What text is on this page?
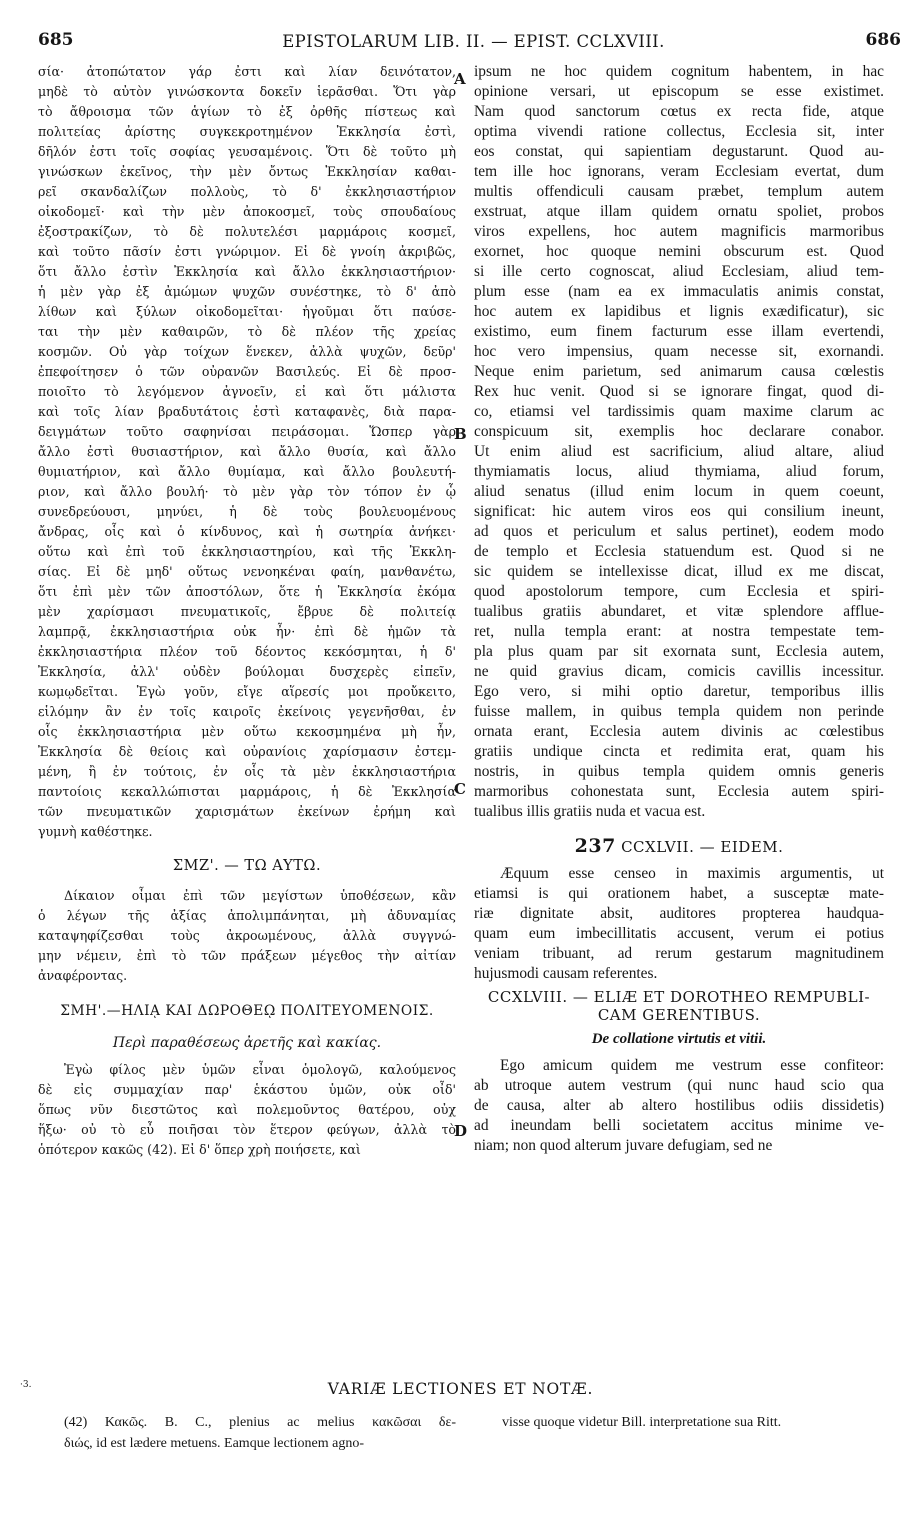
685	EPISTOLARUM LIB. II. — EPIST. CCLXVIII.	686
A
B
C
D
σία· ἀτοπώτατον γάρ ἐστι καὶ λίαν δεινότατον,
μηδὲ τὸ αὐτὸν γινώσκοντα δοκεῖν ἱερᾶσθαι. Ὅτι γὰρ
τὸ ἄθροισμα τῶν ἁγίων τὸ ἐξ ὀρθῆς πίστεως καὶ
πολιτείας ἀρίστης συγκεκροτημένον Ἐκκλησία ἐστὶ,
δῆλόν ἐστι τοῖς σοφίας γευσαμένοις. Ὅτι δὲ τοῦτο μὴ
γινώσκων ἐκεῖνος, τὴν μὲν ὄντως Ἐκκλησίαν καθαι-
ρεῖ σκανδαλίζων πολλοὺς, τὸ δ' ἐκκλησιαστήριον
οἰκοδομεῖ· καὶ τὴν μὲν ἀποκοσμεῖ, τοὺς σπουδαίους
ἐξοστρακίζων, τὸ δὲ πολυτελέσι μαρμάροις κοσμεῖ,
καὶ τοῦτο πᾶσίν ἐστι γνώριμον. Εἰ δὲ γνοίη ἀκριβῶς,
ὅτι ἄλλο ἐστὶν Ἐκκλησία καὶ ἄλλο ἐκκλησιαστήριον·
ἡ μὲν γὰρ ἐξ ἀμώμων ψυχῶν συνέστηκε, τὸ δ' ἀπὸ
λίθων καὶ ξύλων οἰκοδομεῖται· ἡγοῦμαι ὅτι παύσε-
ται τὴν μὲν καθαιρῶν, τὸ δὲ πλέον τῆς χρείας
κοσμῶν. Οὐ γὰρ τοίχων ἕνεκεν, ἀλλὰ ψυχῶν, δεῦρ'
ἐπεφοίτησεν ὁ τῶν οὐρανῶν Βασιλεύς. Εἰ δὲ προσ-
ποιοῖτο τὸ λεγόμενον ἀγνοεῖν, εἰ καὶ ὅτι μάλιστα
καὶ τοῖς λίαν βραδυτάτοις ἐστὶ καταφανὲς, διὰ παρα-
δειγμάτων τοῦτο σαφηνίσαι πειράσομαι. Ὥσπερ γὰρ
ἄλλο ἐστὶ θυσιαστήριον, καὶ ἄλλο θυσία, καὶ ἄλλο
θυμιατήριον, καὶ ἄλλο θυμίαμα, καὶ ἄλλο βουλευτή-
ριον, καὶ ἄλλο βουλή· τὸ μὲν γὰρ τὸν τόπον ἐν ᾧ
συνεδρεύουσι, μηνύει, ἡ δὲ τοὺς βουλευομένους
ἄνδρας, οἷς καὶ ὁ κίνδυνος, καὶ ἡ σωτηρία ἀνήκει·
οὕτω καὶ ἐπὶ τοῦ ἐκκλησιαστηρίου, καὶ τῆς Ἐκκλη-
σίας. Εἰ δὲ μηδ' οὕτως νενοηκέναι φαίη, μανθανέτω,
ὅτι ἐπὶ μὲν τῶν ἀποστόλων, ὅτε ἡ Ἐκκλησία ἐκόμα
μὲν χαρίσμασι πνευματικοῖς, ἔβρυε δὲ πολιτείᾳ
λαμπρᾷ, ἐκκλησιαστήρια οὐκ ἦν· ἐπὶ δὲ ἡμῶν τὰ
ἐκκλησιαστήρια πλέον τοῦ δέοντος κεκόσμηται, ἡ δ'
Ἐκκλησία, ἀλλ' οὐδὲν βούλομαι δυσχερὲς εἰπεῖν,
κωμῳδεῖται. Ἐγὼ γοῦν, εἴγε αἵρεσίς μοι προὔκειτο,
εἱλόμην ἂν ἐν τοῖς καιροῖς ἐκείνοις γεγενῆσθαι, ἐν
οἷς ἐκκλησιαστήρια μὲν οὕτω κεκοσμημένα μὴ ἦν,
Ἐκκλησία δὲ θείοις καὶ οὐρανίοις χαρίσμασιν ἐστεμ-
μένη, ἢ ἐν τούτοις, ἐν οἷς τὰ μὲν ἐκκλησιαστήρια
παντοίοις κεκαλλώπισται μαρμάροις, ἡ δὲ Ἐκκλησία
τῶν πνευματικῶν χαρισμάτων ἐκείνων ἐρήμη καὶ
γυμνὴ καθέστηκε.
ΣΜΖ'. — ΤΩ ΑΥΤΩ.
Δίκαιον οἶμαι ἐπὶ τῶν μεγίστων ὑποθέσεων, κἂν
ὁ λέγων τῆς ἀξίας ἀπολιμπάνηται, μὴ ἀδυναμίας
καταψηφίζεσθαι τοὺς ἀκροωμένους, ἀλλὰ συγγνώ-
μην νέμειν, ἐπὶ τὸ τῶν πράξεων μέγεθος τὴν αἰτίαν
ἀναφέροντας.
ΣΜΗ'.—ΗΛΙᾼ ΚΑΙ ΔΩΡΟΘΕῼ ΠΟΛΙΤΕΥΟΜΕΝΟΙΣ.
Περὶ παραθέσεως ἀρετῆς καὶ κακίας.
Ἐγὼ φίλος μὲν ὑμῶν εἶναι ὁμολογῶ, καλούμενος
δὲ εἰς συμμαχίαν παρ' ἑκάστου ὑμῶν, οὐκ οἶδ'
ὅπως νῦν διεστῶτος καὶ πολεμοῦντος θατέρου, οὐχ
ἥξω· οὐ τὸ εὖ ποιῆσαι τὸν ἕτερον φεύγων, ἀλλὰ τὸ
ὁπότερον κακῶς (42). Εἰ δ' ὅπερ χρὴ ποιήσετε, καὶ
ipsum ne hoc quidem cognitum habentem, in hac
opinione versari, ut episcopum se esse existimet.
Nam quod sanctorum cœtus ex recta fide, atque
optima vivendi ratione collectus, Ecclesia sit, inter
eos constat, qui sapientiam degustarunt. Quod au-
tem ille hoc ignorans, veram Ecclesiam evertat, dum
multis offendiculi causam præbet, templum autem
exstruat, atque illam quidem ornatu spoliet, probos
viros expellens, hoc autem magnificis marmoribus
exornet, hoc quoque nemini obscurum est. Quod
si ille certo cognoscat, aliud Ecclesiam, aliud tem-
plum esse (nam ea ex immaculatis animis constat,
hoc autem ex lapidibus et lignis exædificatur), sic
existimo, eum finem facturum esse illam evertendi,
hoc vero impensius, quam necesse sit, exornandi.
Neque enim parietum, sed animarum causa cœlestis
Rex huc venit. Quod si se ignorare fingat, quod di-
co, etiamsi vel tardissimis quam maxime clarum ac
conspicuum sit, exemplis hoc declarare conabor.
Ut enim aliud est sacrificium, aliud altare, aliud
thymiamatis locus, aliud thymiama, aliud forum,
aliud senatus (illud enim locum in quem coeunt,
significat: hic autem viros eos qui consilium ineunt,
ad quos et periculum et salus pertinet), eodem modo
de templo et Ecclesia statuendum est. Quod si ne
sic quidem se intellexisse dicat, illud ex me discat,
quod apostolorum tempore, cum Ecclesia et spiri-
tualibus gratiis abundaret, et vitæ splendore afflue-
ret, nulla templa erant: at nostra tempestate tem-
pla plus quam par sit exornata sunt, Ecclesia autem,
ne quid gravius dicam, comicis cavillis incessitur.
Ego vero, si mihi optio daretur, temporibus illis
fuisse mallem, in quibus templa quidem non perinde
ornata erant, Ecclesia autem divinis ac cœlestibus
gratiis undique cincta et redimita erat, quam his
nostris, in quibus templa quidem omnis generis
marmoribus cohonestata sunt, Ecclesia autem spiri-
tualibus illis gratiis nuda et vacua est.
237 CCXLVII. — EIDEM.
Æquum esse censeo in maximis argumentis, ut
etiamsi is qui orationem habet, a susceptæ mate-
riæ dignitate absit, auditores propterea haudqua-
quam eum imbecillitatis accusent, verum ei potius
veniam tribuant, ad rerum gestarum magnitudinem
hujusmodi causam referentes.
CCXLVIII. — ELIÆ ET DOROTHEO REMPUBLI-
CAM GERENTIBUS.
De collatione virtutis et vitii.
Ego amicum quidem me vestrum esse confiteor:
ab utroque autem vestrum (qui nunc haud scio qua
de causa, alter ab altero hostilibus odiis dissidetis)
ad ineundam belli societatem accitus minime ve-
niam; non quod alterum juvare defugiam, sed ne
·3.	VARIÆ LECTIONES ET NOTÆ.
(42) Κακῶς. B. C., plenius ac melius κακῶσαι δε-
διώς, id est lædere metuens. Eamque lectionem agno-
visse quoque videtur Bill. interpretatione sua Ritt.
